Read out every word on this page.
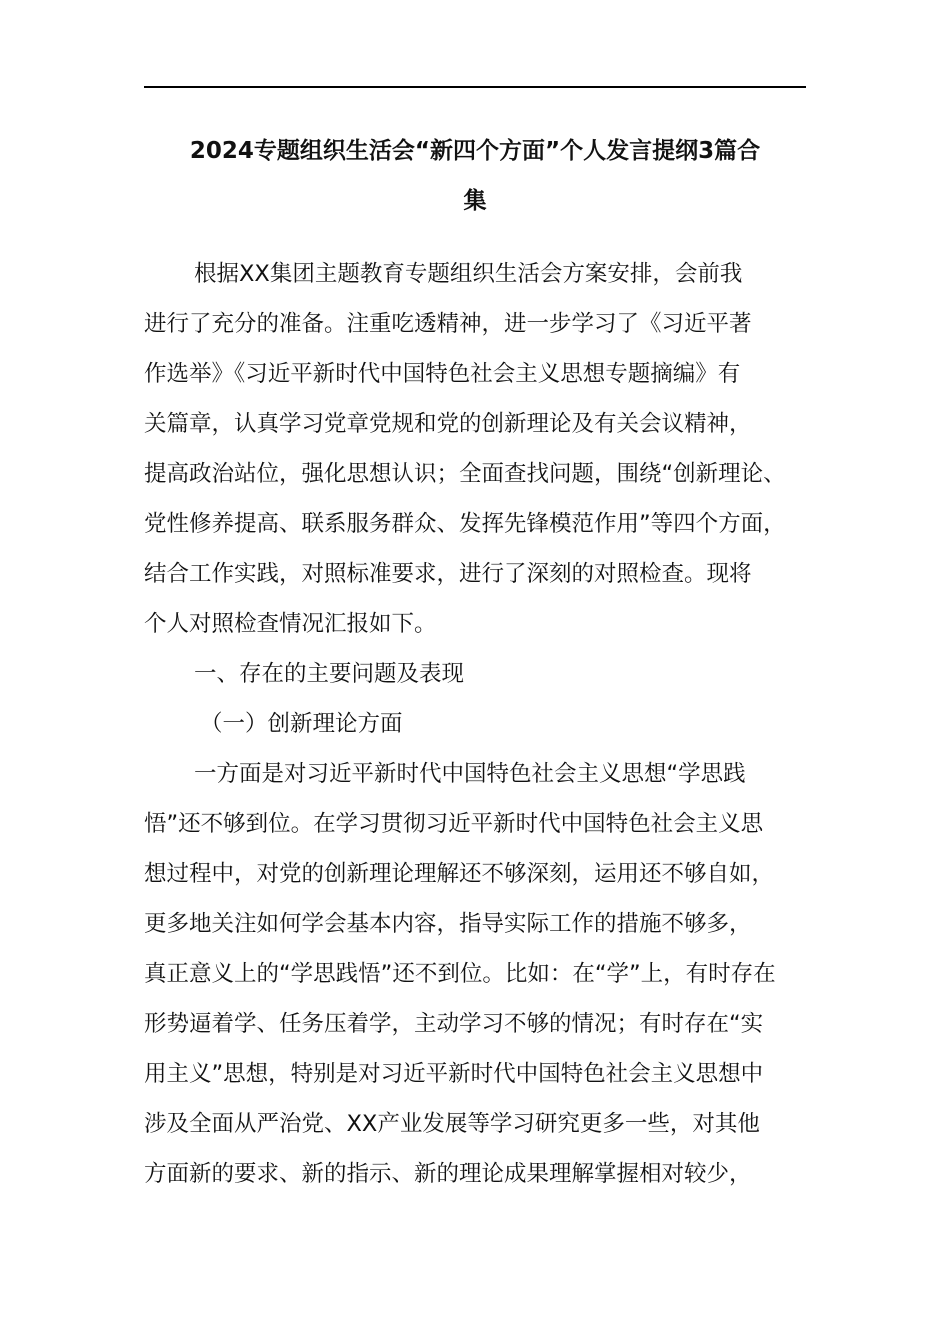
2024专题组织生活会“新四个方面”个人发言提纲3篇合
集

根据XX集团主题教育专题组织生活会方案安排，会前我

进行了充分的准备。注重吃透精神，进一步学习了《习近平著

作选举》《习近平新时代中国特色社会主义思想专题摘编》有

关篇章，认真学习党章党规和党的创新理论及有关会议精神，

提高政治站位，强化思想认识；全面查找问题，围绕“创新理论、

党性修养提高、联系服务群众、发挥先锋模范作用”等四个方面，

结合工作实践，对照标准要求，进行了深刻的对照检查。现将

个人对照检查情况汇报如下。

一、存在的主要问题及表现

（一）创新理论方面

一方面是对习近平新时代中国特色社会主义思想“学思践

悟”还不够到位。在学习贯彻习近平新时代中国特色社会主义思

想过程中，对党的创新理论理解还不够深刻，运用还不够自如，

更多地关注如何学会基本内容，指导实际工作的措施不够多，

真正意义上的“学思践悟”还不到位。比如：在“学”上，有时存在

形势逼着学、任务压着学，主动学习不够的情况；有时存在“实

用主义”思想，特别是对习近平新时代中国特色社会主义思想中

涉及全面从严治党、XX产业发展等学习研究更多一些，对其他

方面新的要求、新的指示、新的理论成果理解掌握相对较少，
